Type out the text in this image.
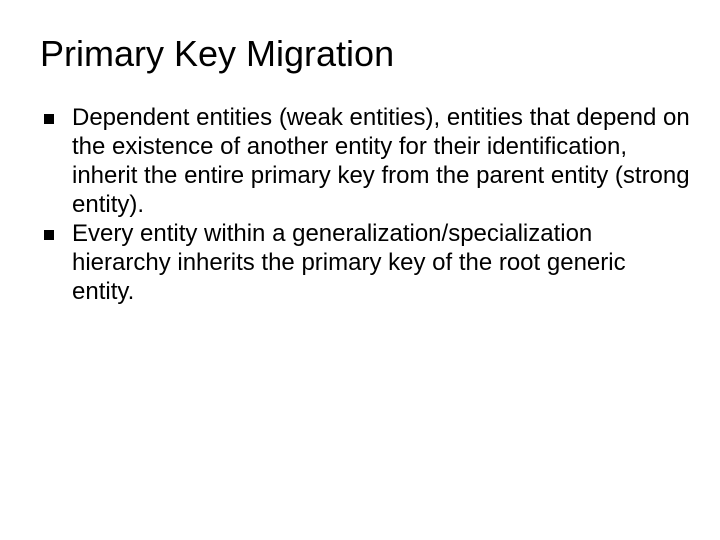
Primary Key Migration
Dependent entities (weak entities), entities that depend on the existence of another entity for their identification, inherit the entire primary key from the parent entity (strong entity).
Every entity within a generalization/specialization hierarchy inherits the primary key of the root generic entity.
